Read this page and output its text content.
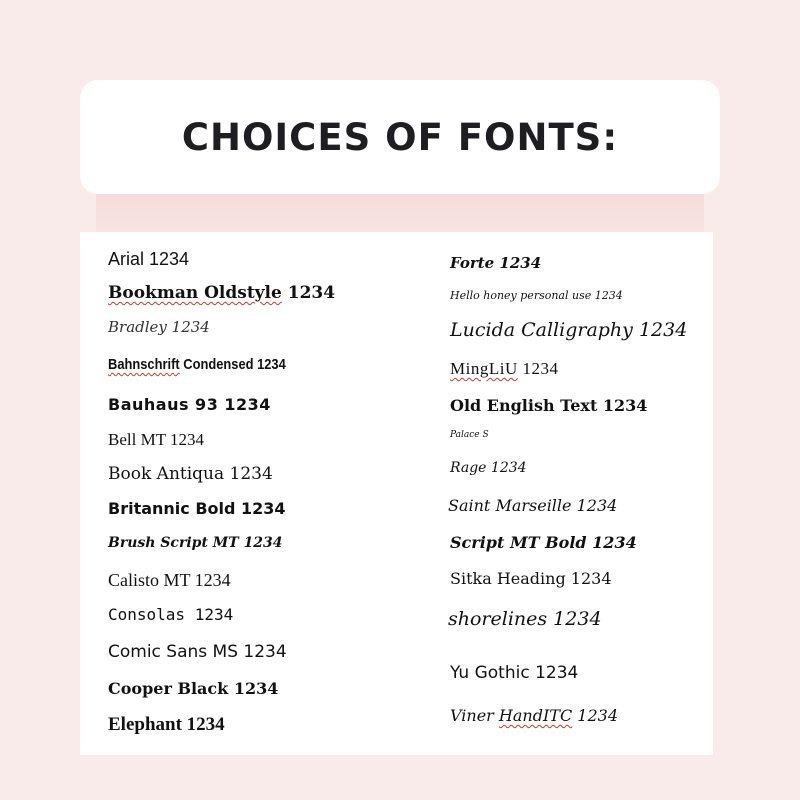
CHOICES OF FONTS:
Arial 1234
Bookman Oldstyle 1234
Bradley 1234
Bahnschrift Condensed 1234
Bauhaus 93 1234
Bell MT 1234
Book Antiqua 1234
Britannic Bold 1234
Brush Script MT 1234
Calisto MT 1234
Consolas 1234
Comic Sans MS 1234
Cooper Black 1234
Elephant 1234
Forte 1234
Hello honey personal use 1234
Lucida Calligraphy 1234
MingLiU 1234
Old English Text 1234
Palace S
Rage 1234
Saint Marseille 1234
Script MT Bold 1234
Sitka Heading 1234
shorelines 1234
Yu Gothic 1234
Viner HandITC 1234
